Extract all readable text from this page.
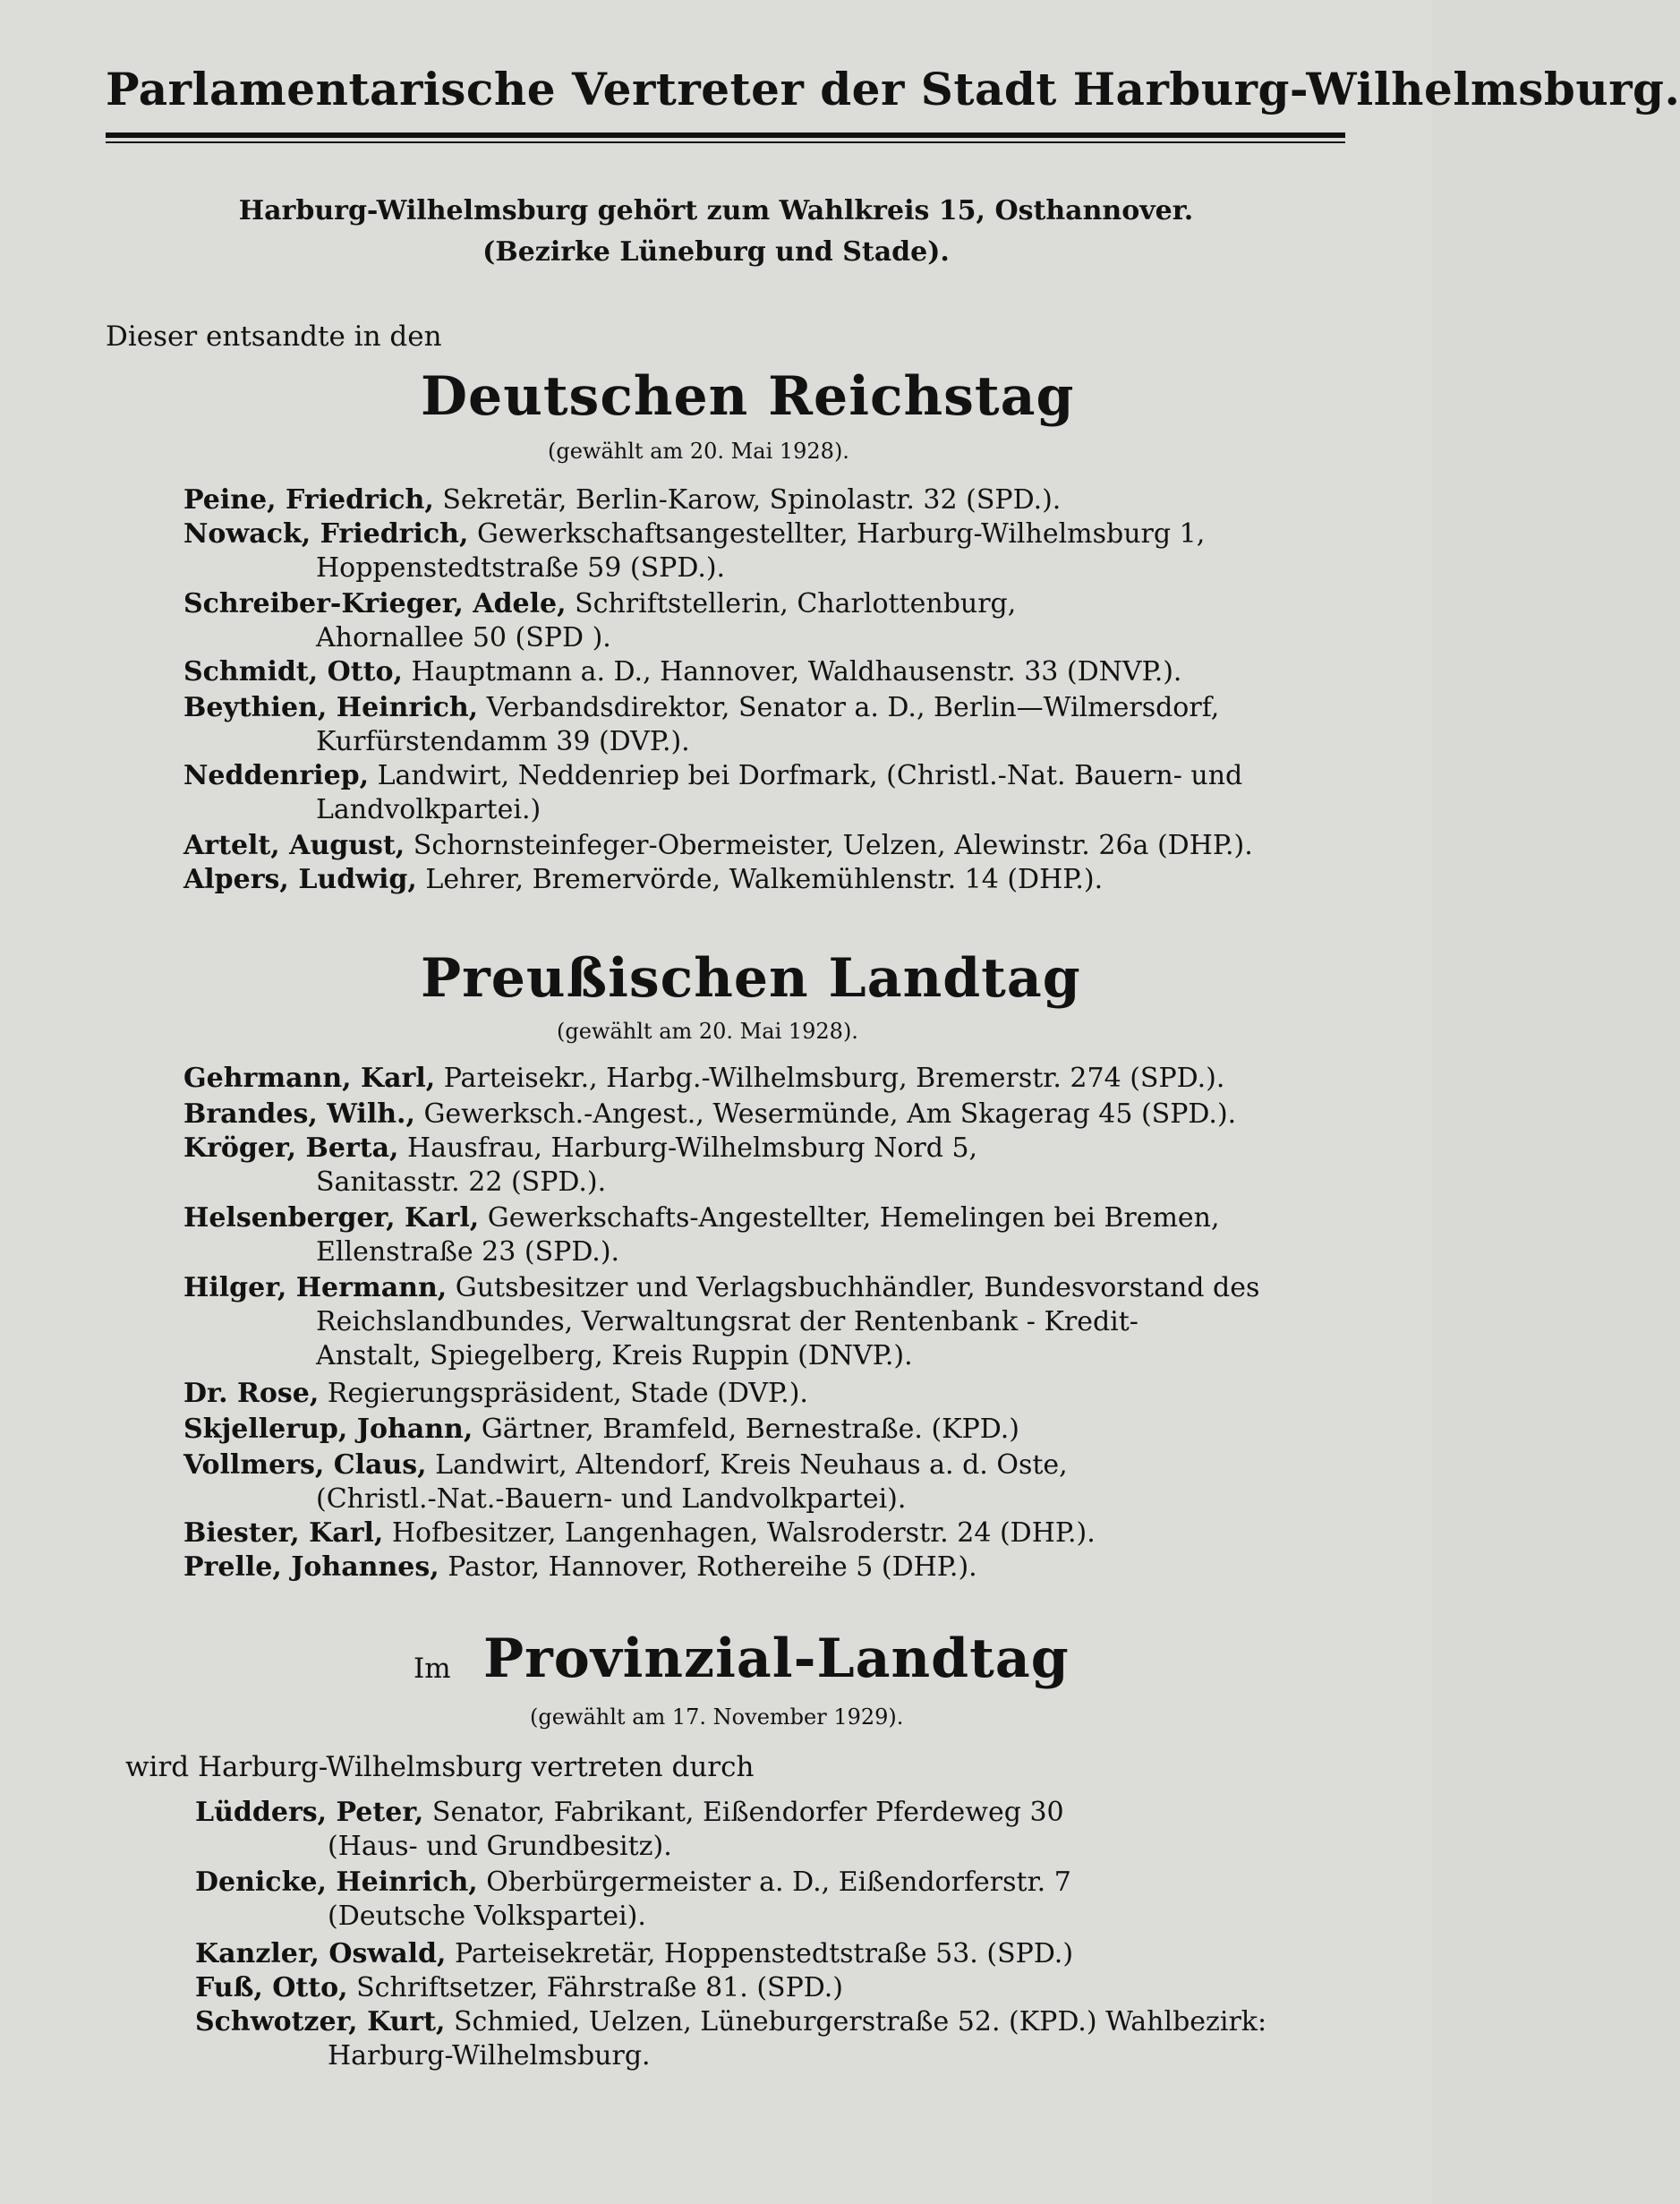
Parlamentarische Vertreter der Stadt Harburg-Wilhelmsburg.
Harburg-Wilhelmsburg gehört zum Wahlkreis 15, Osthannover.
(Bezirke Lüneburg und Stade).
Dieser entsandte in den
Deutschen Reichstag
(gewählt am 20. Mai 1928).
Peine, Friedrich, Sekretär, Berlin-Karow, Spinolastr. 32 (SPD.).
Nowack, Friedrich, Gewerkschaftsangestellter, Harburg-Wilhelmsburg 1,
Hoppenstedtstraße 59 (SPD.).
Schreiber-Krieger, Adele, Schriftstellerin, Charlottenburg,
Ahornallee 50 (SPD ).
Schmidt, Otto, Hauptmann a. D., Hannover, Waldhausenstr. 33 (DNVP.).
Beythien, Heinrich, Verbandsdirektor, Senator a. D., Berlin—Wilmersdorf,
Kurfürstendamm 39 (DVP.).
Neddenriep, Landwirt, Neddenriep bei Dorfmark, (Christl.-Nat. Bauern- und
Landvolkpartei.)
Artelt, August, Schornsteinfeger-Obermeister, Uelzen, Alewinstr. 26a (DHP.).
Alpers, Ludwig, Lehrer, Bremervörde, Walkemühlenstr. 14 (DHP.).
Preußischen Landtag
(gewählt am 20. Mai 1928).
Gehrmann, Karl, Parteisekr., Harbg.-Wilhelmsburg, Bremerstr. 274 (SPD.).
Brandes, Wilh., Gewerksch.-Angest., Wesermünde, Am Skagerag 45 (SPD.).
Kröger, Berta, Hausfrau, Harburg-Wilhelmsburg Nord 5,
Sanitasstr. 22 (SPD.).
Helsenberger, Karl, Gewerkschafts-Angestellter, Hemelingen bei Bremen,
Ellenstraße 23 (SPD.).
Hilger, Hermann, Gutsbesitzer und Verlagsbuchhändler, Bundesvorstand des
Reichslandbundes, Verwaltungsrat der Rentenbank - Kredit-
Anstalt, Spiegelberg, Kreis Ruppin (DNVP.).
Dr. Rose, Regierungspräsident, Stade (DVP.).
Skjellerup, Johann, Gärtner, Bramfeld, Bernestraße. (KPD.)
Vollmers, Claus, Landwirt, Altendorf, Kreis Neuhaus a. d. Oste,
(Christl.-Nat.-Bauern- und Landvolkpartei).
Biester, Karl, Hofbesitzer, Langenhagen, Walsroderstr. 24 (DHP.).
Prelle, Johannes, Pastor, Hannover, Rothereihe 5 (DHP.).
Im Provinzial-Landtag
(gewählt am 17. November 1929).
wird Harburg-Wilhelmsburg vertreten durch
Lüdders, Peter, Senator, Fabrikant, Eißendorfer Pferdeweg 30
(Haus- und Grundbesitz).
Denicke, Heinrich, Oberbürgermeister a. D., Eißendorferstr. 7
(Deutsche Volkspartei).
Kanzler, Oswald, Parteisekretär, Hoppenstedtstraße 53. (SPD.)
Fuß, Otto, Schriftsetzer, Fährstraße 81. (SPD.)
Schwotzer, Kurt, Schmied, Uelzen, Lüneburgerstraße 52. (KPD.) Wahlbezirk:
Harburg-Wilhelmsburg.
